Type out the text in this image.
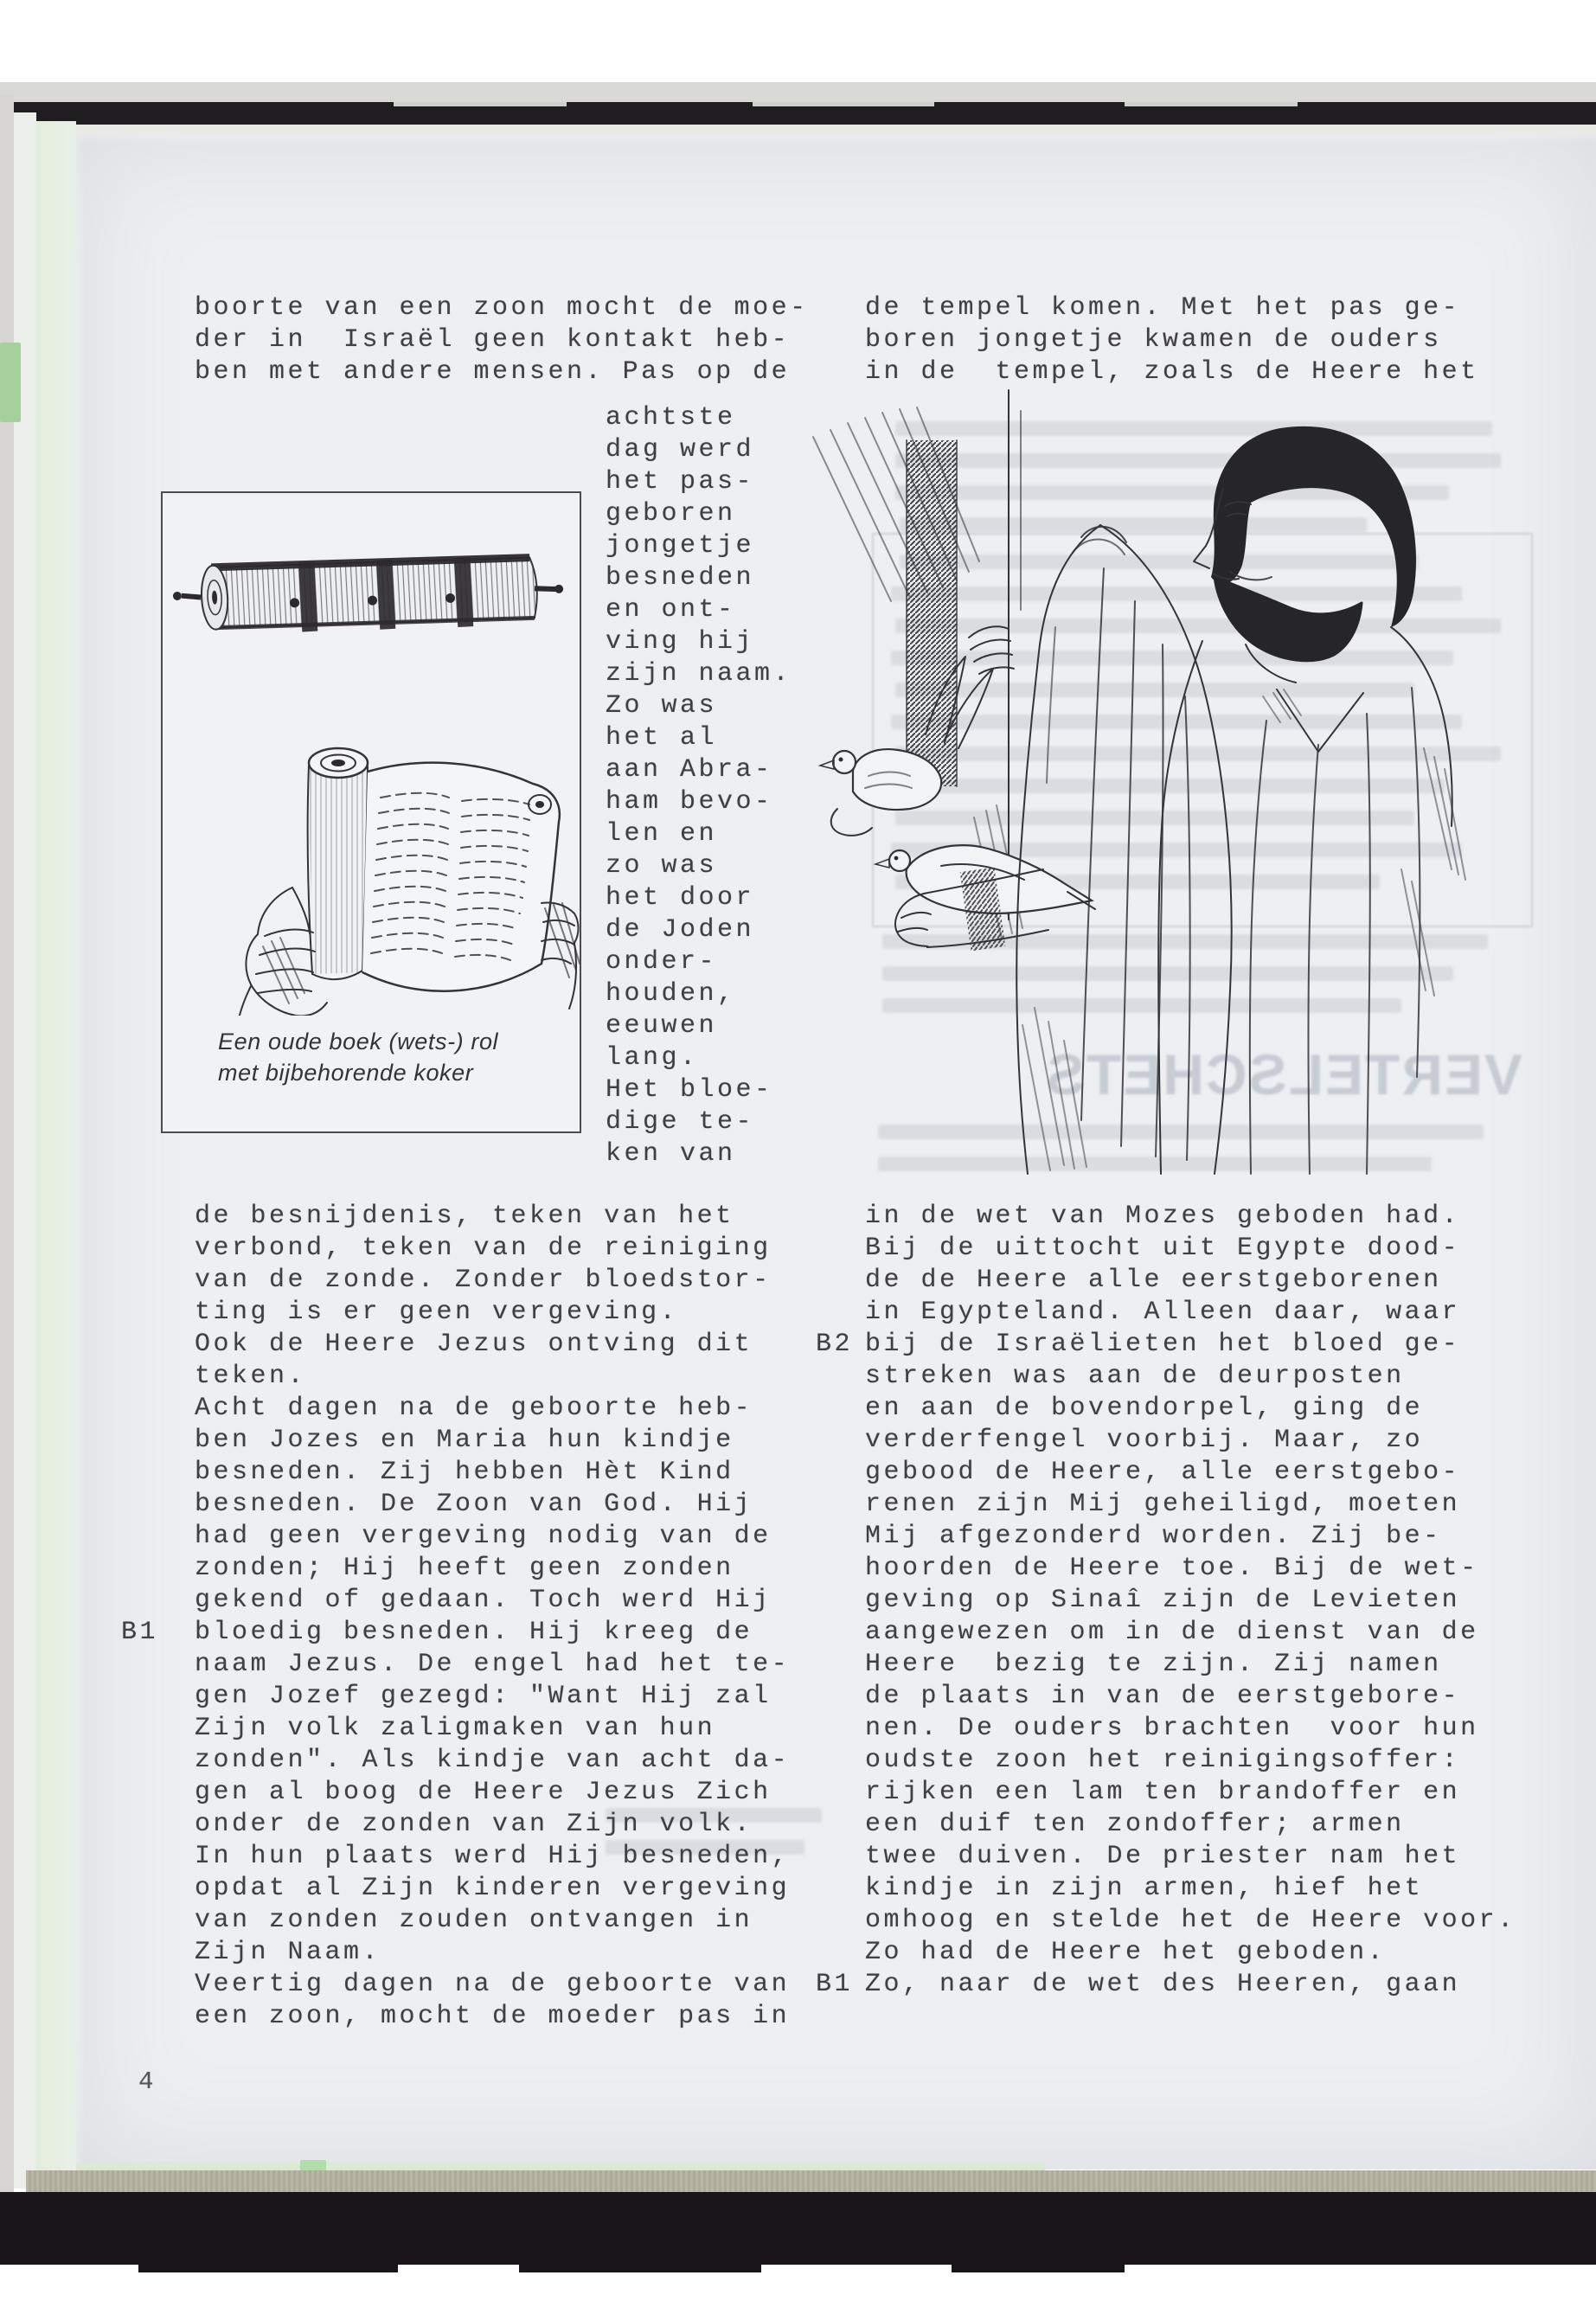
VERTELSCHETS
boorte van een zoon mocht de moe-
der in  Israël geen kontakt heb-
ben met andere mensen. Pas op de
de tempel komen. Met het pas ge-
boren jongetje kwamen de ouders
in de  tempel, zoals de Heere het
Een oude boek (wets-) rol
met bijbehorende koker
achtste
dag werd
het pas-
geboren
jongetje
besneden
en ont-
ving hij
zijn naam.
Zo was
het al
aan Abra-
ham bevo-
len en
zo was
het door
de Joden
onder-
houden,
eeuwen
lang.
Het bloe-
dige te-
ken van
de besnijdenis, teken van het
verbond, teken van de reiniging
van de zonde. Zonder bloedstor-
ting is er geen vergeving.
Ook de Heere Jezus ontving dit
teken.
Acht dagen na de geboorte heb-
ben Jozes en Maria hun kindje
besneden. Zij hebben Hèt Kind
besneden. De Zoon van God. Hij
had geen vergeving nodig van de
zonden; Hij heeft geen zonden
gekend of gedaan. Toch werd Hij
bloedig besneden. Hij kreeg de
naam Jezus. De engel had het te-
gen Jozef gezegd: "Want Hij zal
Zijn volk zaligmaken van hun
zonden". Als kindje van acht da-
gen al boog de Heere Jezus Zich
onder de zonden van Zijn volk.
In hun plaats werd Hij besneden,
opdat al Zijn kinderen vergeving
van zonden zouden ontvangen in
Zijn Naam.
Veertig dagen na de geboorte van
een zoon, mocht de moeder pas in
in de wet van Mozes geboden had.
Bij de uittocht uit Egypte dood-
de de Heere alle eerstgeborenen
in Egypteland. Alleen daar, waar
bij de Israëlieten het bloed ge-
streken was aan de deurposten
en aan de bovendorpel, ging de
verderfengel voorbij. Maar, zo
gebood de Heere, alle eerstgebo-
renen zijn Mij geheiligd, moeten
Mij afgezonderd worden. Zij be-
hoorden de Heere toe. Bij de wet-
geving op Sinaî zijn de Levieten
aangewezen om in de dienst van de
Heere  bezig te zijn. Zij namen
de plaats in van de eerstgebore-
nen. De ouders brachten  voor hun
oudste zoon het reinigingsoffer:
rijken een lam ten brandoffer en
een duif ten zondoffer; armen
twee duiven. De priester nam het
kindje in zijn armen, hief het
omhoog en stelde het de Heere voor.
Zo had de Heere het geboden.
Zo, naar de wet des Heeren, gaan
B1
B2
B1
4
